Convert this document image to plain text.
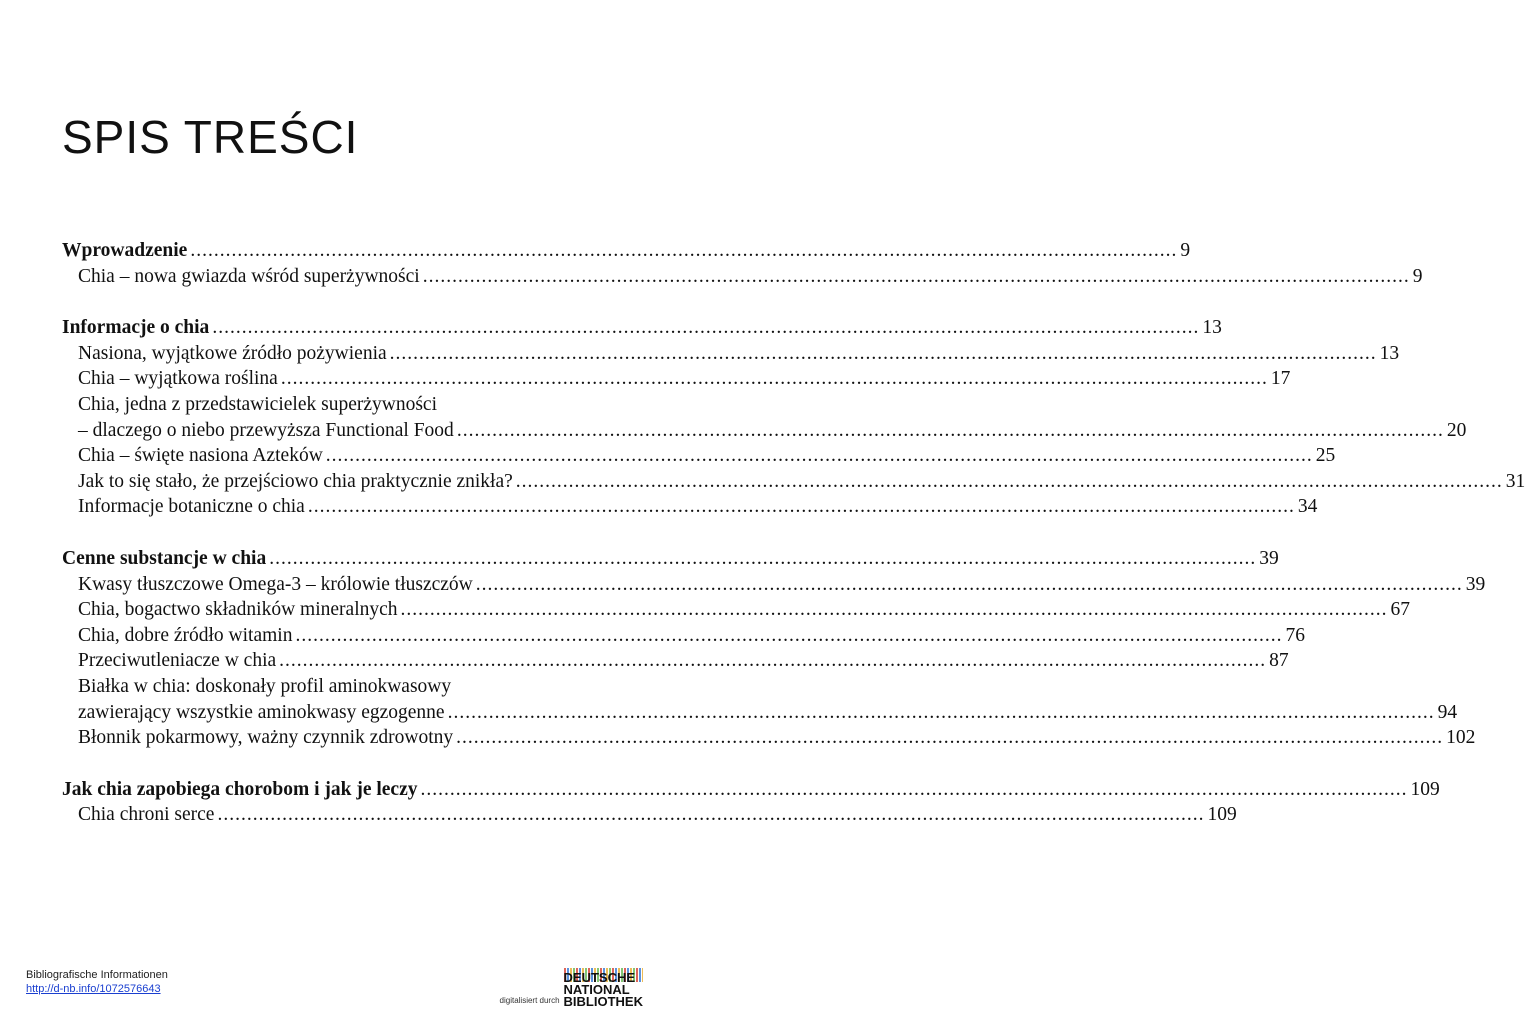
SPIS TREŚCI
Wprowadzenie .....	9
Chia – nowa gwiazda wśród superżywności .....	9
Informacje o chia .....	13
Nasiona, wyjątkowe źródło pożywienia .....	13
Chia – wyjątkowa roślina .....	17
Chia, jedna z przedstawicielek superżywności
– dlaczego o niebo przewyższa Functional Food .....	20
Chia – święte nasiona Azteków .....	25
Jak to się stało, że przejściowo chia praktycznie znikła? .....	31
Informacje botaniczne o chia .....	34
Cenne substancje w chia .....	39
Kwasy tłuszczowe Omega-3 – królowie tłuszczów .....	39
Chia, bogactwo składników mineralnych .....	67
Chia, dobre źródło witamin .....	76
Przeciwutleniacze w chia .....	87
Białka w chia: doskonały profil aminokwasowy
zawierający wszystkie aminokwasy egzogenne .....	94
Błonnik pokarmowy, ważny czynnik zdrowotny .....	102
Jak chia zapobiega chorobom i jak je leczy .....	109
Chia chroni serce .....	109
Bibliografische Informationen
http://d-nb.info/1072576643
digitalisiert durch
DEUTSCHE
NATIONAL
BIBLIOTHEK
